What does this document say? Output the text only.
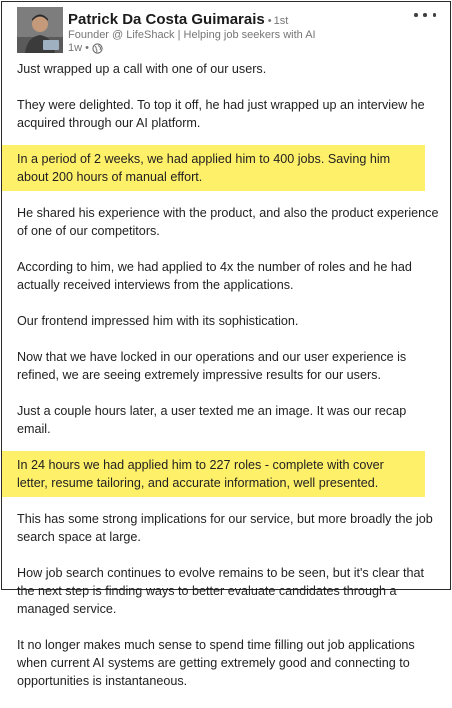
Patrick Da Costa Guimarais • 1st
Founder @ LifeShack | Helping job seekers with AI
1w •
Just wrapped up a call with one of our users.
They were delighted. To top it off, he had just wrapped up an interview he acquired through our AI platform.
In a period of 2 weeks, we had applied him to 400 jobs. Saving him about 200 hours of manual effort.
He shared his experience with the product, and also the product experience of one of our competitors.
According to him, we had applied to 4x the number of roles and he had actually received interviews from the applications.
Our frontend impressed him with its sophistication.
Now that we have locked in our operations and our user experience is refined, we are seeing extremely impressive results for our users.
Just a couple hours later, a user texted me an image. It was our recap email.
In 24 hours we had applied him to 227 roles - complete with cover letter, resume tailoring, and accurate information, well presented.
This has some strong implications for our service, but more broadly the job search space at large.
How job search continues to evolve remains to be seen, but it's clear that the next step is finding ways to better evaluate candidates through a managed service.
It no longer makes much sense to spend time filling out job applications when current AI systems are getting extremely good and connecting to opportunities is instantaneous.
